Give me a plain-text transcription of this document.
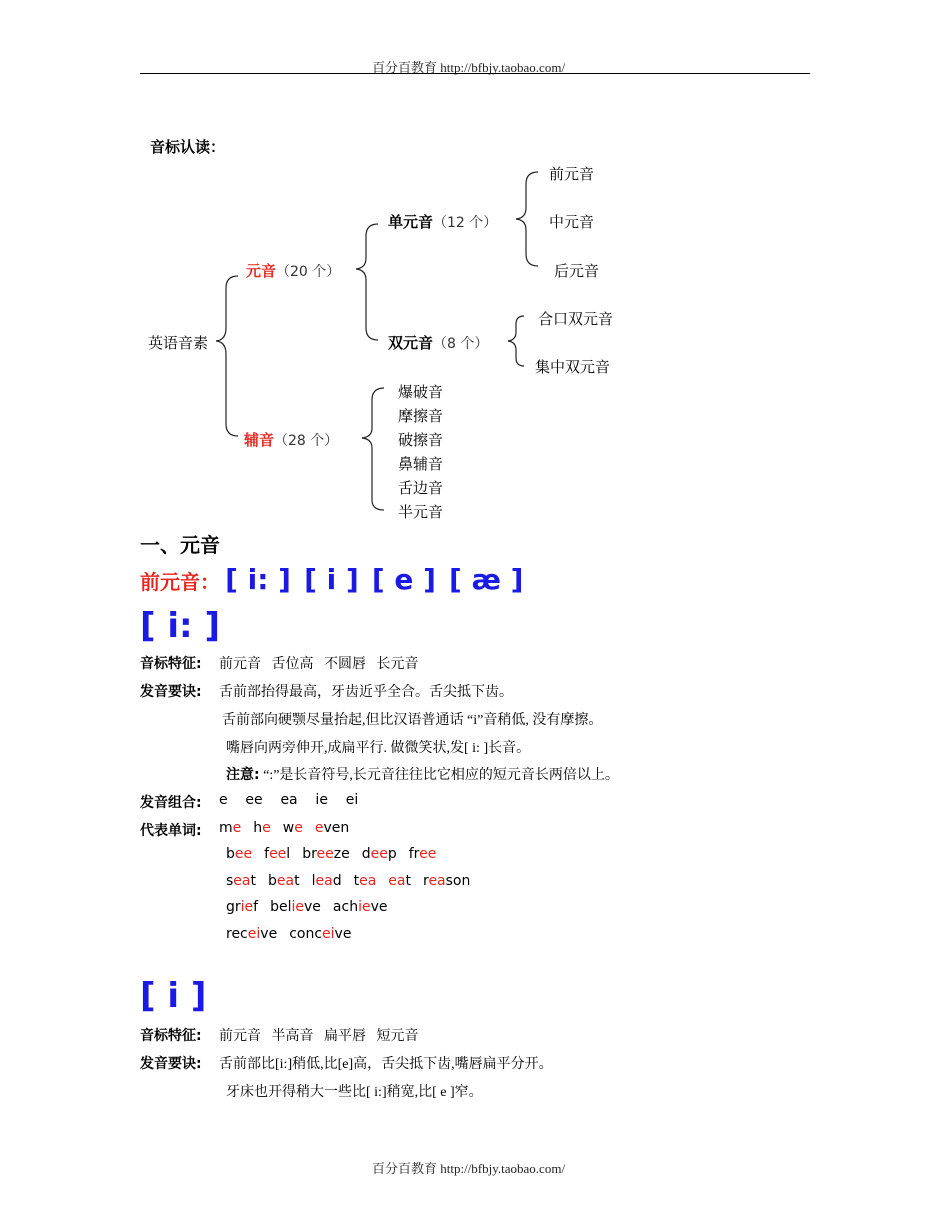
百分百教育 http://bfbjy.taobao.com/
音标认读：
英语音素
元音（20 个）
辅音（28 个）
单元音（12 个）
双元音（8 个）
前元音
中元音
后元音
合口双元音
集中双元音
爆破音
摩擦音
破擦音
鼻辅音
舌边音
半元音
一、元音
前元音： [ i: ] [ i ] [ e ] [ æ ]
[ i: ]
音标特征: 前元音   舌位高   不圆唇   长元音
发音要诀: 舌前部抬得最高，牙齿近乎全合。舌尖抵下齿。
舌前部向硬颚尽量抬起,但比汉语普通话 “i”音稍低, 没有摩擦。
嘴唇向两旁伸开,成扁平行. 做微笑状,发[ i: ]长音。
注意: “:”是长音符号,长元音往往比它相应的短元音长两倍以上。
发音组合: e    ee    ea    ie    ei
代表单词: me he we even
bee feel breeze deep free
seat beat lead tea eat reason
grief believe achieve
receive conceive
[ i ]
音标特征: 前元音   半高音   扁平唇   短元音
发音要诀: 舌前部比[i:]稍低,比[e]高，舌尖抵下齿,嘴唇扁平分开。
牙床也开得稍大一些比[ i:]稍宽,比[ e ]窄。
百分百教育 http://bfbjy.taobao.com/
